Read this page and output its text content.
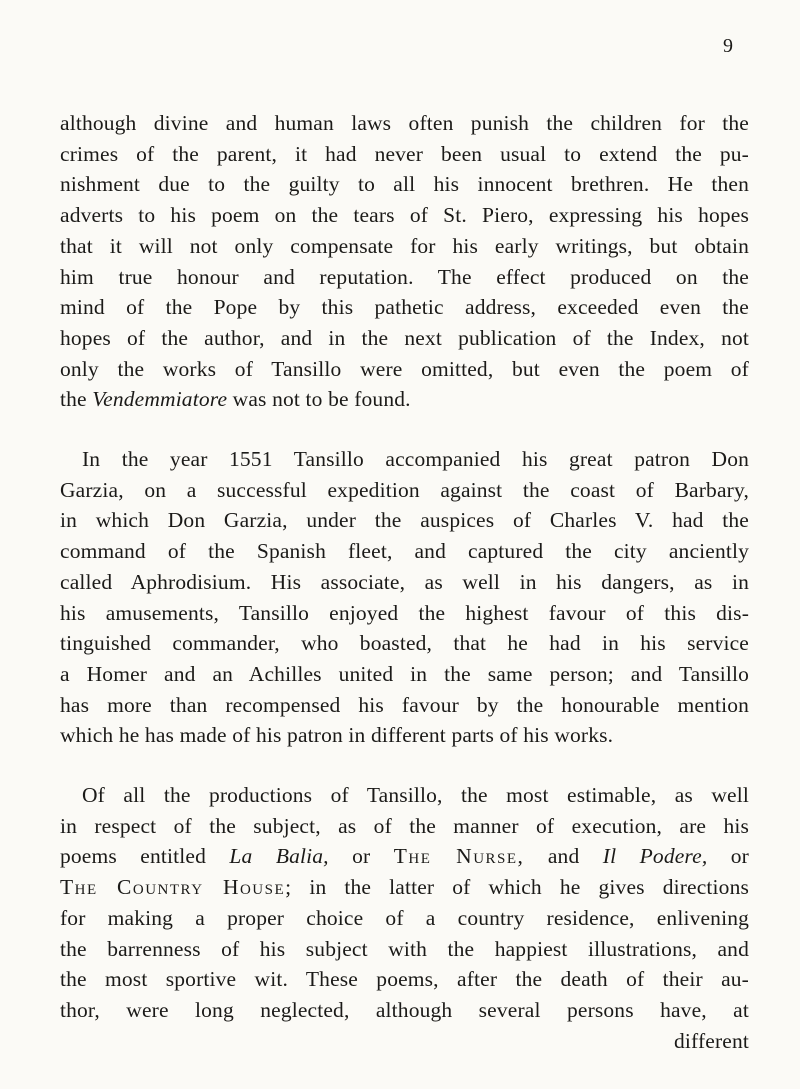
9
although divine and human laws often punish the children for the
crimes of the parent, it had never been usual to extend the pu-
nishment due to the guilty to all his innocent brethren. He then
adverts to his poem on the tears of St. Piero, expressing his hopes
that it will not only compensate for his early writings, but obtain
him true honour and reputation. The effect produced on the
mind of the Pope by this pathetic address, exceeded even the
hopes of the author, and in the next publication of the Index, not
only the works of Tansillo were omitted, but even the poem of
the Vendemmiatore was not to be found.
In the year 1551 Tansillo accompanied his great patron Don
Garzia, on a successful expedition against the coast of Barbary,
in which Don Garzia, under the auspices of Charles V. had the
command of the Spanish fleet, and captured the city anciently
called Aphrodisium. His associate, as well in his dangers, as in
his amusements, Tansillo enjoyed the highest favour of this dis-
tinguished commander, who boasted, that he had in his service
a Homer and an Achilles united in the same person; and Tansillo
has more than recompensed his favour by the honourable mention
which he has made of his patron in different parts of his works.
Of all the productions of Tansillo, the most estimable, as well
in respect of the subject, as of the manner of execution, are his
poems entitled La Balia, or The Nurse, and Il Podere, or
The Country House; in the latter of which he gives directions
for making a proper choice of a country residence, enlivening
the barrenness of his subject with the happiest illustrations, and
the most sportive wit. These poems, after the death of their au-
thor, were long neglected, although several persons have, at
different
